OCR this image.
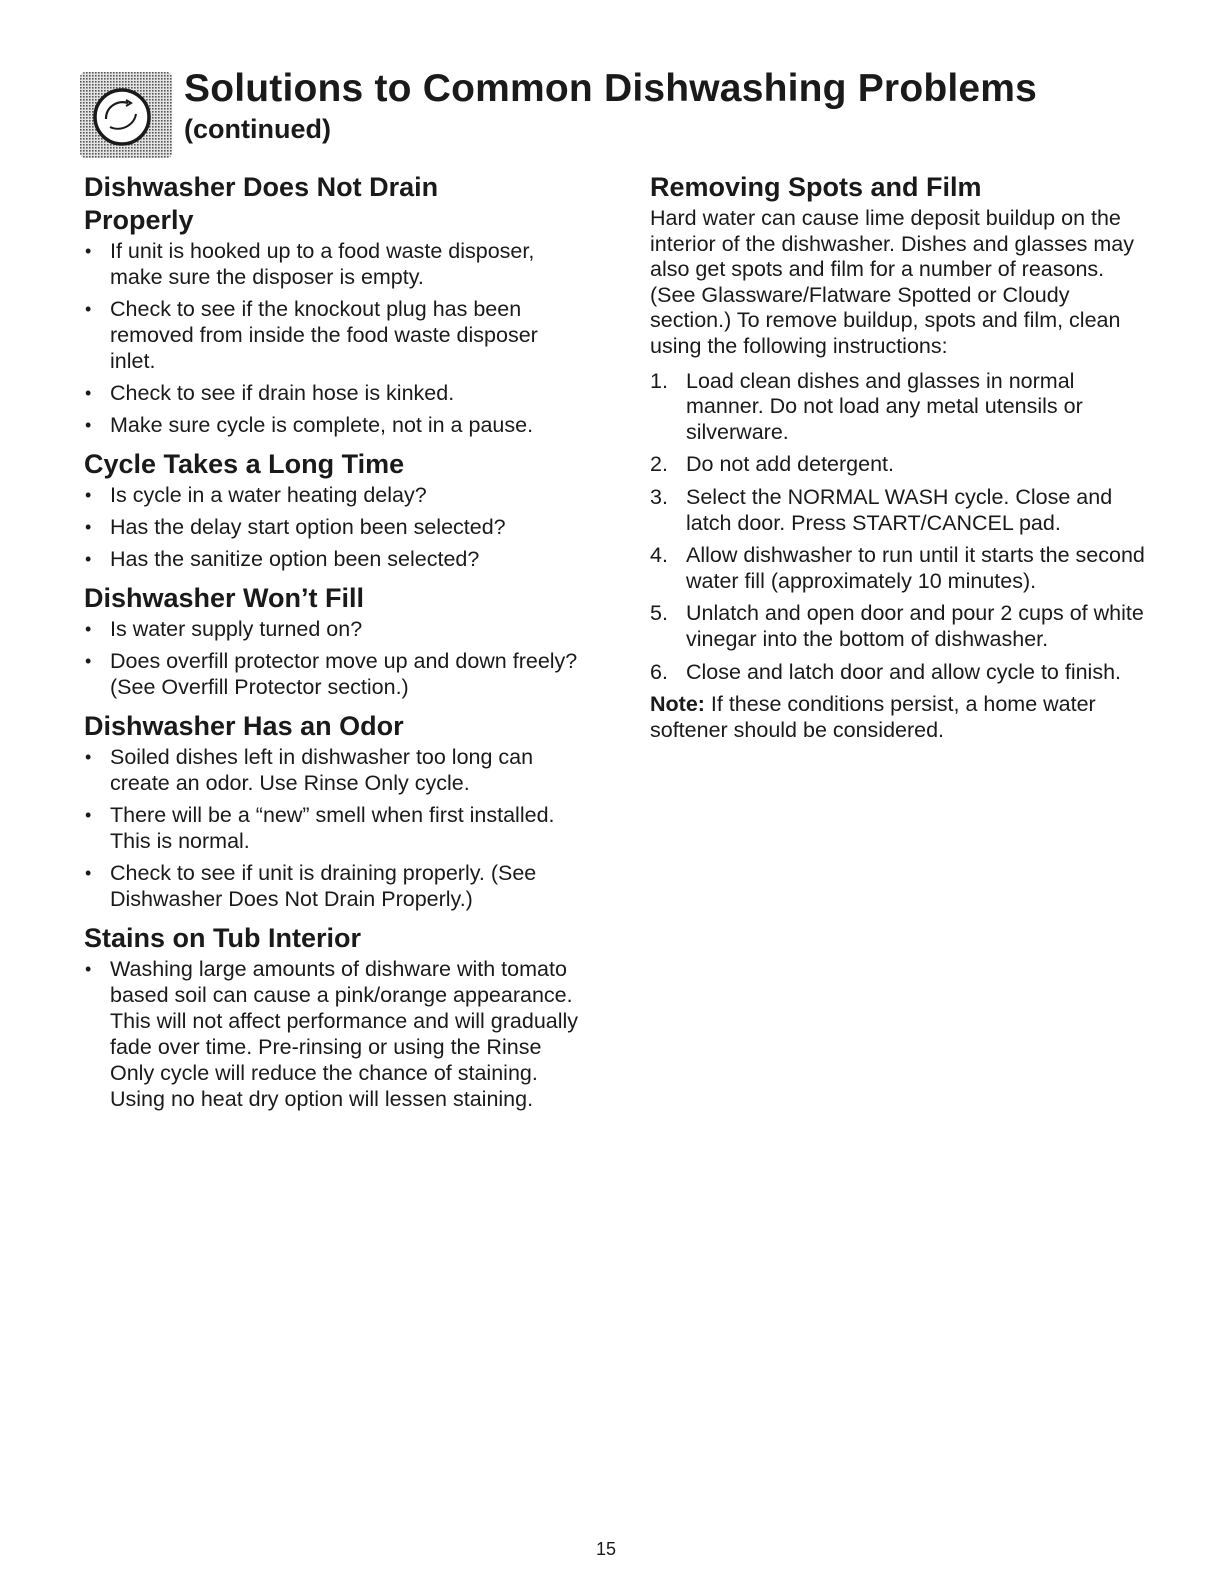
Solutions to Common Dishwashing Problems
(continued)
Dishwasher Does Not Drain Properly
• If unit is hooked up to a food waste disposer, make sure the disposer is empty.
• Check to see if the knockout plug has been removed from inside the food waste disposer inlet.
• Check to see if drain hose is kinked.
• Make sure cycle is complete, not in a pause.
Cycle Takes a Long Time
• Is cycle in a water heating delay?
• Has the delay start option been selected?
• Has the sanitize option been selected?
Dishwasher Won’t Fill
• Is water supply turned on?
• Does overfill protector move up and down freely? (See Overfill Protector section.)
Dishwasher Has an Odor
• Soiled dishes left in dishwasher too long can create an odor. Use Rinse Only cycle.
• There will be a “new” smell when first installed. This is normal.
• Check to see if unit is draining properly. (See Dishwasher Does Not Drain Properly.)
Stains on Tub Interior
• Washing large amounts of dishware with tomato based soil can cause a pink/orange appearance. This will not affect performance and will gradually fade over time. Pre-rinsing or using the Rinse Only cycle will reduce the chance of staining. Using no heat dry option will lessen staining.
Removing Spots and Film

Hard water can cause lime deposit buildup on the interior of the dishwasher. Dishes and glasses may also get spots and film for a number of reasons. (See Glassware/Flatware Spotted or Cloudy section.) To remove buildup, spots and film, clean using the following instructions:

1. Load clean dishes and glasses in normal manner. Do not load any metal utensils or silverware.
2. Do not add detergent.
3. Select the NORMAL WASH cycle. Close and latch door. Press START/CANCEL pad.
4. Allow dishwasher to run until it starts the second water fill (approximately 10 minutes).
5. Unlatch and open door and pour 2 cups of white vinegar into the bottom of dishwasher.
6. Close and latch door and allow cycle to finish.

Note: If these conditions persist, a home water softener should be considered.

15
